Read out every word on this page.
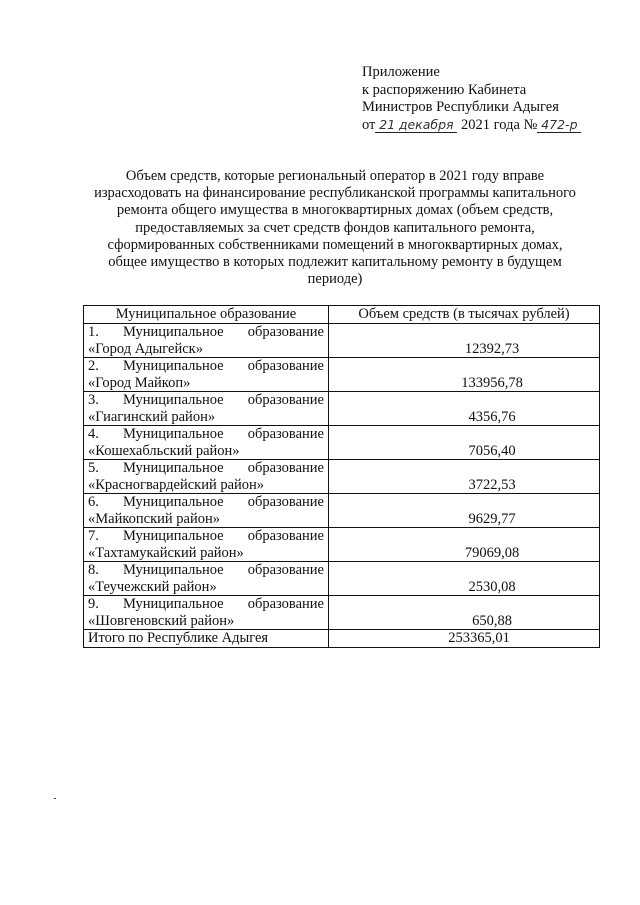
Приложение
к распоряжению Кабинета
Министров Республики Адыгея
от 21 декабря 2021 года № 472-р
Объем средств, которые региональный оператор в 2021 году вправе израсходовать на финансирование республиканской программы капитального ремонта общего имущества в многоквартирных домах (объем средств, предоставляемых за счет средств фондов капитального ремонта, сформированных собственниками помещений в многоквартирных домах, общее имущество в которых подлежит капитальному ремонту в будущем периоде)
Муниципальное образование	Объем средств (в тысячах рублей)

1. Муниципальное образование
«Город Адыгейск»	12392,73

2. Муниципальное образование
«Город Майкоп»	133956,78

3. Муниципальное образование
«Гиагинский район»	4356,76

4. Муниципальное образование
«Кошехабльский район»	7056,40

5. Муниципальное образование
«Красногвардейский район»	3722,53

6. Муниципальное образование
«Майкопский район»	9629,77

7. Муниципальное образование
«Тахтамукайский район»	79069,08

8. Муниципальное образование
«Теучежский район»	2530,08

9. Муниципальное образование
«Шовгеновский район»	650,88
Итого по Республике Адыгея	253365,01
